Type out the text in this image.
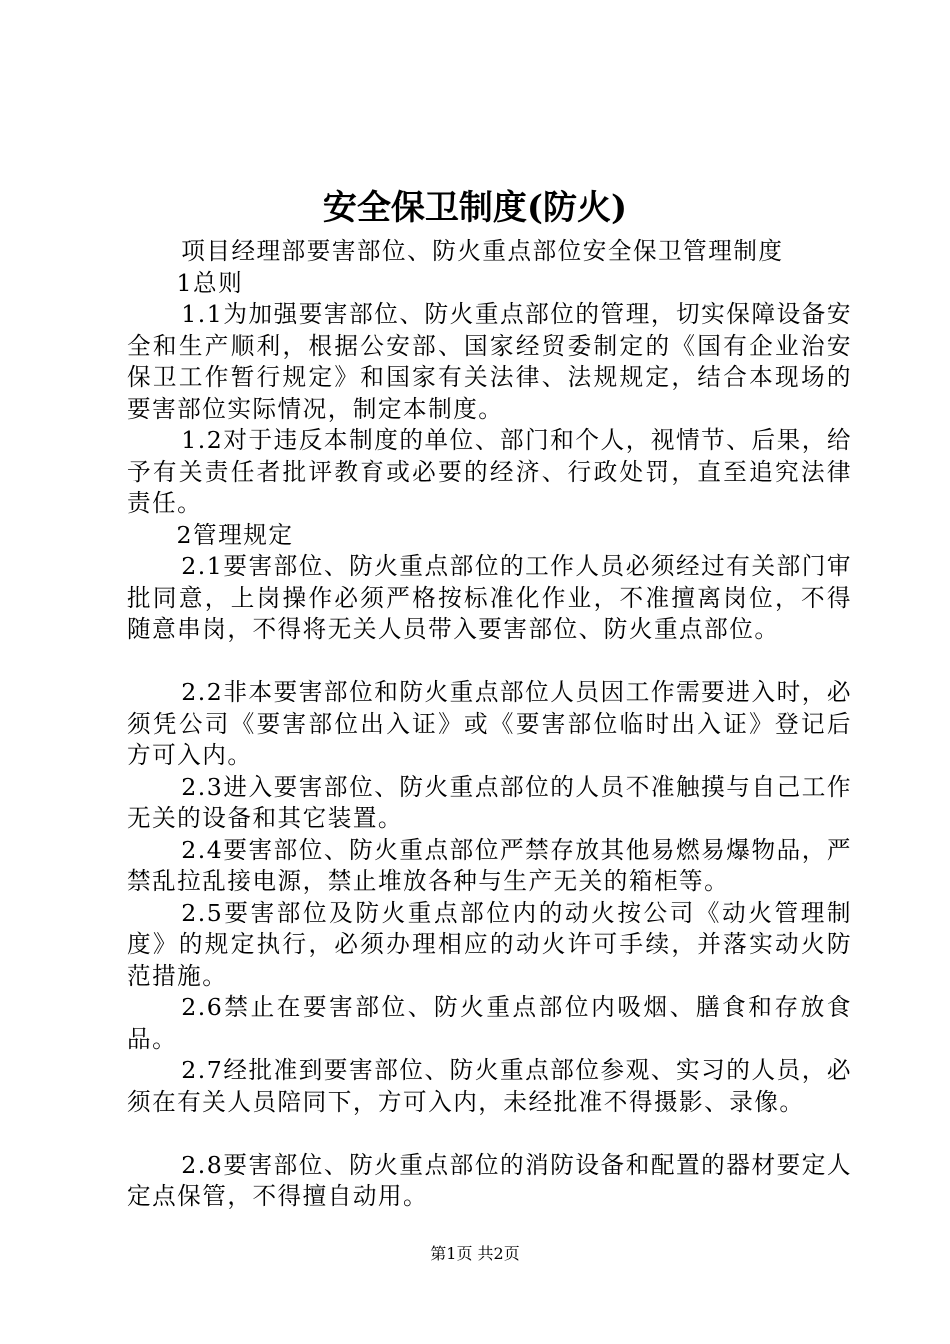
安全保卫制度(防火)

项目经理部要害部位、防火重点部位安全保卫管理制度

1总则

1.1为加强要害部位、防火重点部位的管理，切实保障设备安全和生产顺利，根据公安部、国家经贸委制定的《国有企业治安保卫工作暂行规定》和国家有关法律、法规规定，结合本现场的要害部位实际情况，制定本制度。

1.2对于违反本制度的单位、部门和个人，视情节、后果，给予有关责任者批评教育或必要的经济、行政处罚，直至追究法律责任。

2管理规定

2.1要害部位、防火重点部位的工作人员必须经过有关部门审批同意，上岗操作必须严格按标准化作业，不准擅离岗位，不得随意串岗，不得将无关人员带入要害部位、防火重点部位。

2.2非本要害部位和防火重点部位人员因工作需要进入时，必须凭公司《要害部位出入证》或《要害部位临时出入证》登记后方可入内。

2.3进入要害部位、防火重点部位的人员不准触摸与自己工作无关的设备和其它装置。

2.4要害部位、防火重点部位严禁存放其他易燃易爆物品，严禁乱拉乱接电源，禁止堆放各种与生产无关的箱柜等。

2.5要害部位及防火重点部位内的动火按公司《动火管理制度》的规定执行，必须办理相应的动火许可手续，并落实动火防范措施。

2.6禁止在要害部位、防火重点部位内吸烟、膳食和存放食品。

2.7经批准到要害部位、防火重点部位参观、实习的人员，必须在有关人员陪同下，方可入内，未经批准不得摄影、录像。

2.8要害部位、防火重点部位的消防设备和配置的器材要定人定点保管，不得擅自动用。

第1页 共2页
